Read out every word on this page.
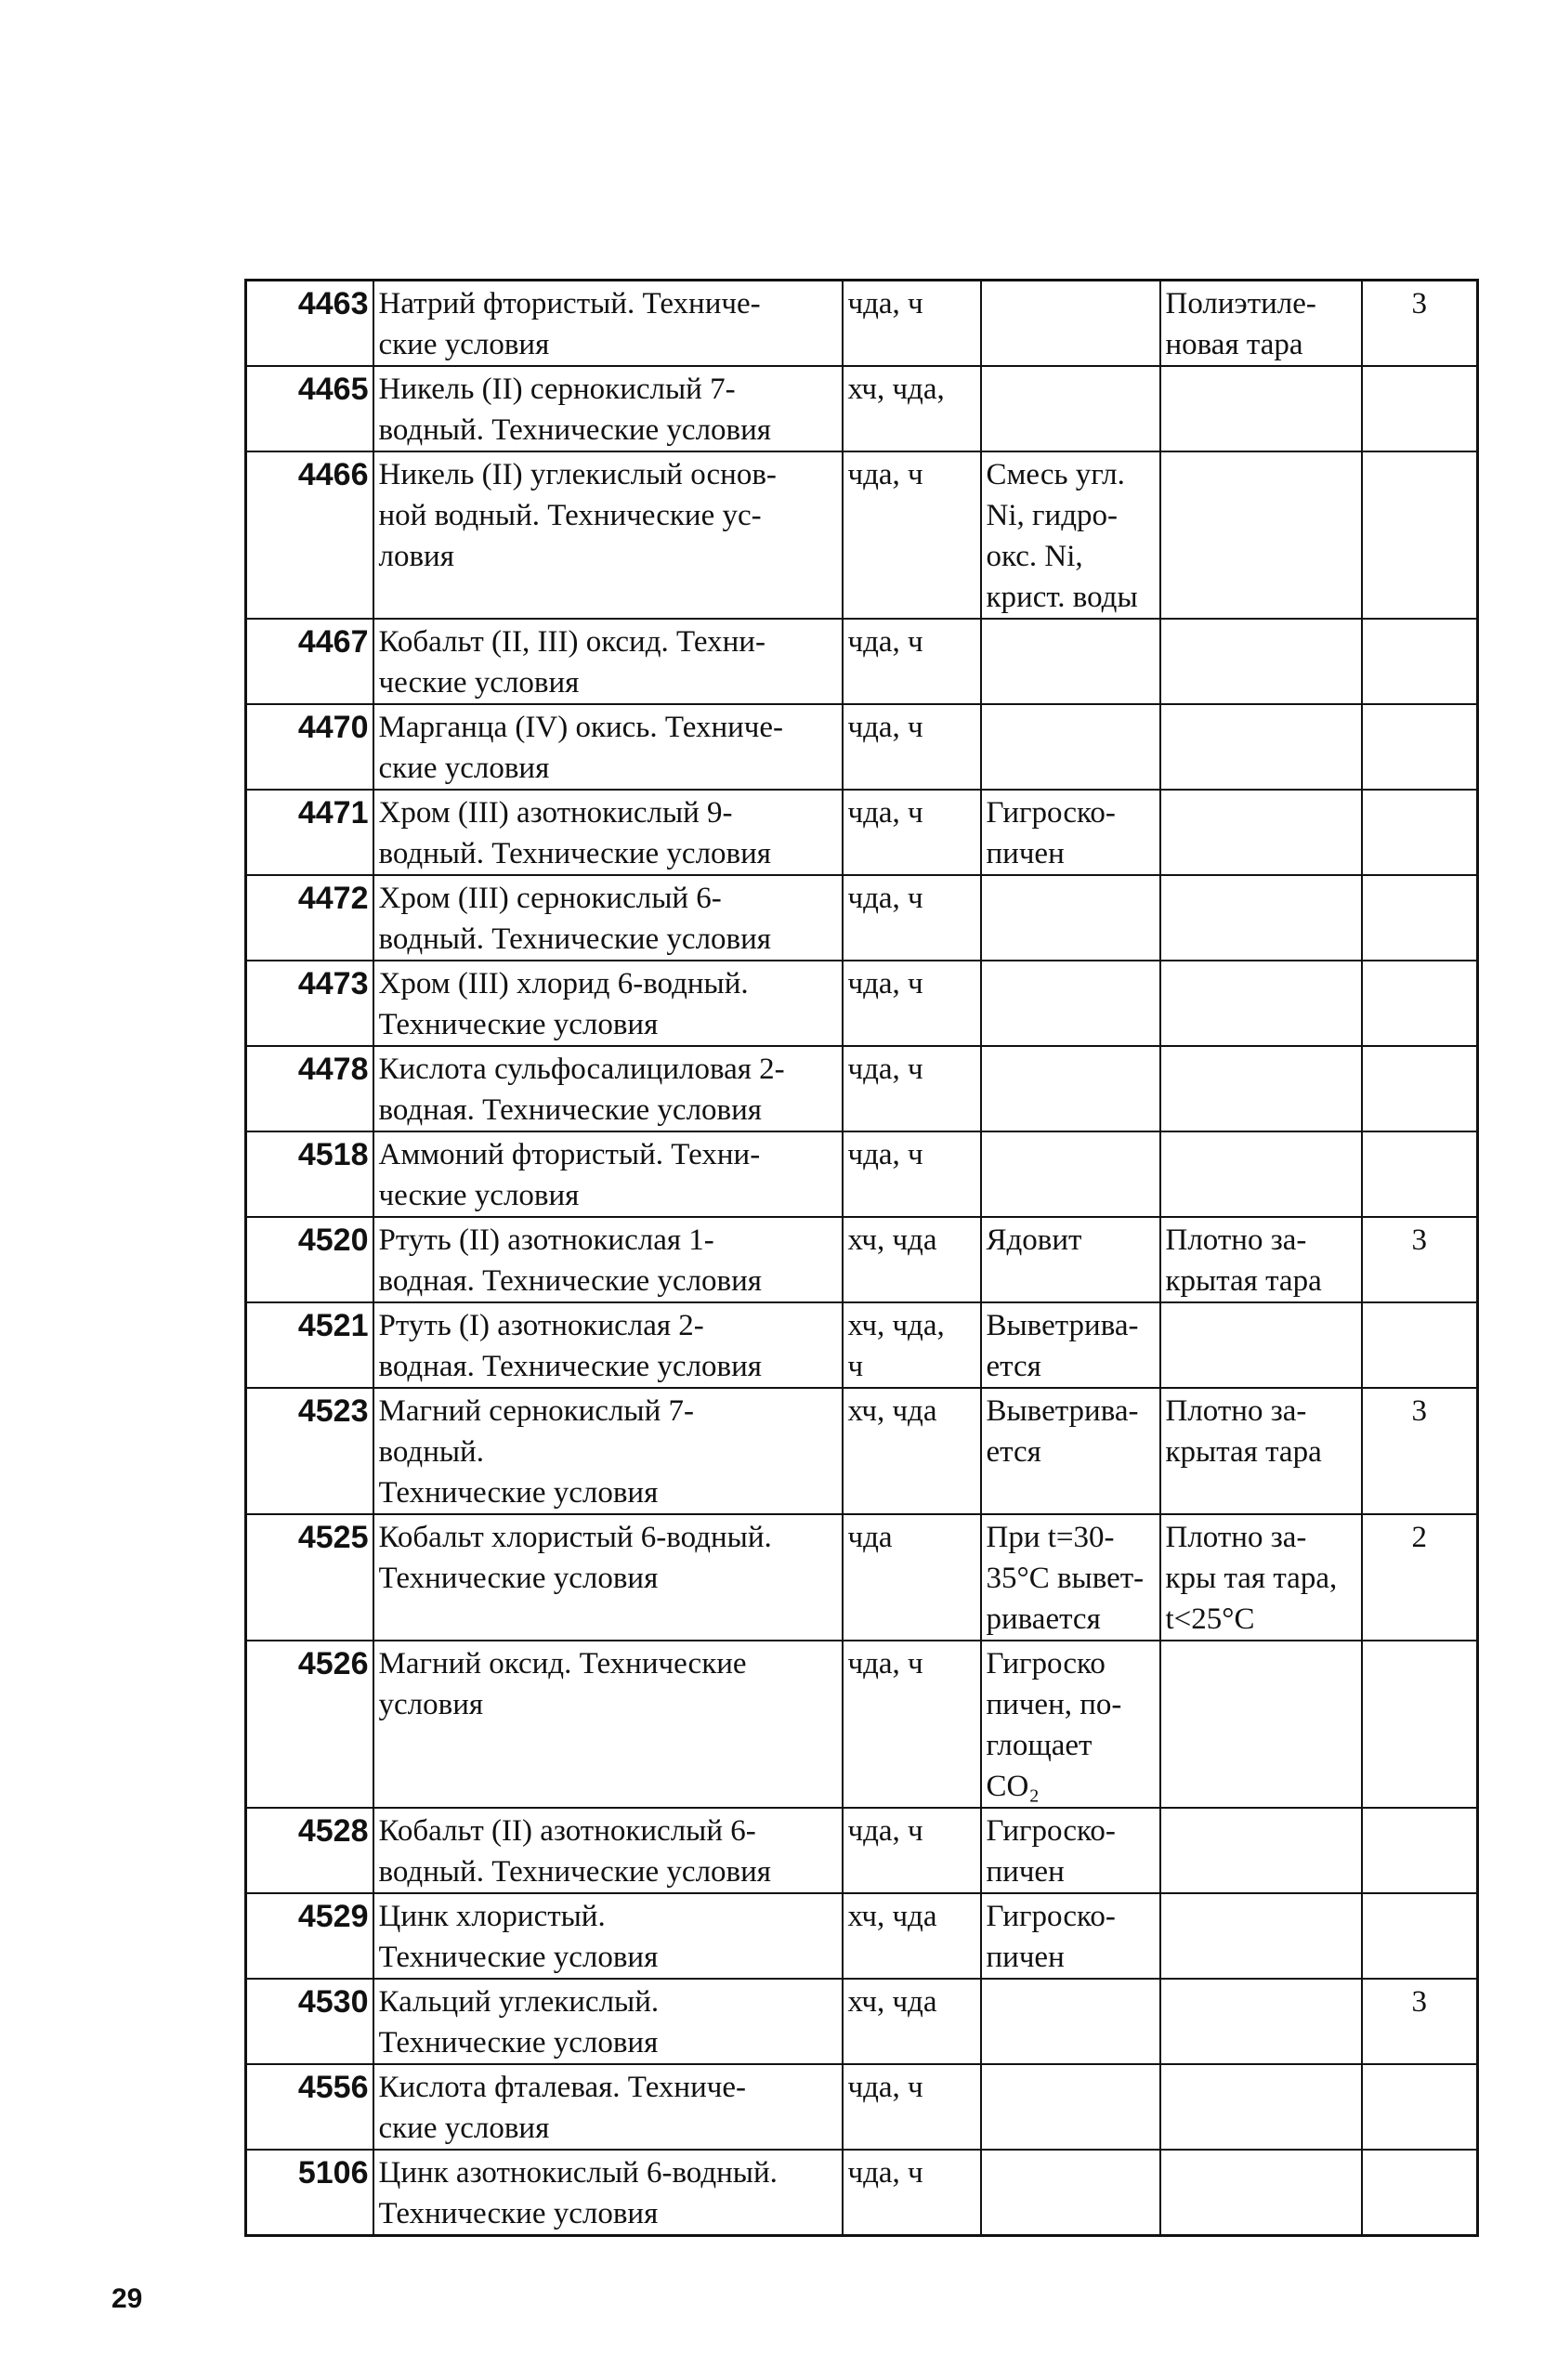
4463	Натрий фтористый. Техниче-
ские условия	чда, ч		Полиэтиле-
новая тара	3
4465	Никель (II) сернокислый 7-
водный. Технические условия	хч, чда,			
4466	Никель (II) углекислый основ-
ной водный. Технические ус-
ловия	чда, ч	Смесь угл.
Ni, гидро-
окс. Ni,
крист. воды		
4467	Кобальт (II, III) оксид. Техни-
ческие условия	чда, ч			
4470	Марганца (IV) окись. Техниче-
ские условия	чда, ч			
4471	Хром (III) азотнокислый 9-
водный. Технические условия	чда, ч	Гигроско-
пичен		
4472	Хром (III) сернокислый 6-
водный. Технические условия	чда, ч			
4473	Хром (III) хлорид 6-водный.
Технические условия	чда, ч			
4478	Кислота сульфосалициловая 2-
водная. Технические условия	чда, ч			
4518	Аммоний фтористый. Техни-
ческие условия	чда, ч			
4520	Ртуть (II) азотнокислая 1-
водная. Технические условия	хч, чда	Ядовит	Плотно за-
крытая тара	3
4521	Ртуть (I) азотнокислая 2-
водная. Технические условия	хч, чда,
ч	Выветрива-
ется		
4523	Магний сернокислый 7-
водный.
Технические условия	хч, чда	Выветрива-
ется	Плотно за-
крытая тара	3
4525	Кобальт хлористый 6-водный.
Технические условия	чда	При t=30-
35°С вывет-
ривается	Плотно за-
кры тая тара,
t<25°С	2
4526	Магний оксид. Технические
условия	чда, ч	Гигроско
пичен, по-
глощает
CO₂		
4528	Кобальт (II) азотнокислый 6-
водный. Технические условия	чда, ч	Гигроско-
пичен		
4529	Цинк хлористый.
Технические условия	хч, чда	Гигроско-
пичен		
4530	Кальций углекислый.
Технические условия	хч, чда			3
4556	Кислота фталевая. Техниче-
ские условия	чда, ч			
5106	Цинк азотнокислый 6-водный.
Технические условия	чда, ч			
29
